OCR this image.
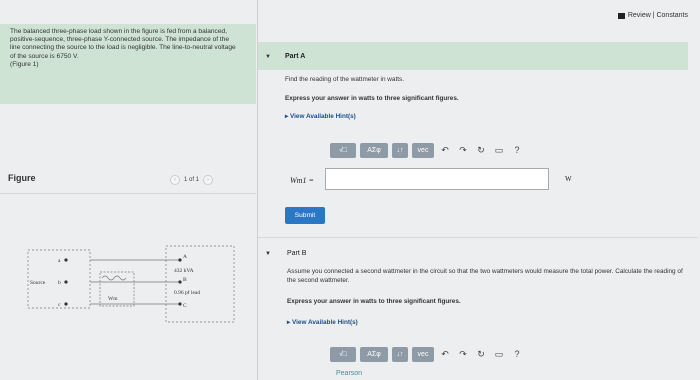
Review | Constants

The balanced three-phase load shown in the figure is fed from a balanced, positive-sequence, three-phase Y-connected source. The impedance of the line connecting the source to the load is negligible. The line-to-neutral voltage of the source is 6750 V.
(Figure 1)

Figure	‹	1 of 1	›
a
Source b
c
Wm
A
432 kVA
B
0.96 pf lead
C
▼ Part A
Find the reading of the wattmeter in watts.
Express your answer in watts to three significant figures.
▸ View Available Hint(s)
√□	ΑΣφ	↓↑	vec	↶	↷	↻	▭	?
Wm1 =	W
Submit
▼ Part B
Assume you connected a second wattmeter in the circuit so that the two wattmeters would measure the total power. Calculate the reading of the second wattmeter.
Express your answer in watts to three significant figures.
▸ View Available Hint(s)
√□	ΑΣφ	↓↑	vec	↶	↷	↻	▭	?
Pearson
